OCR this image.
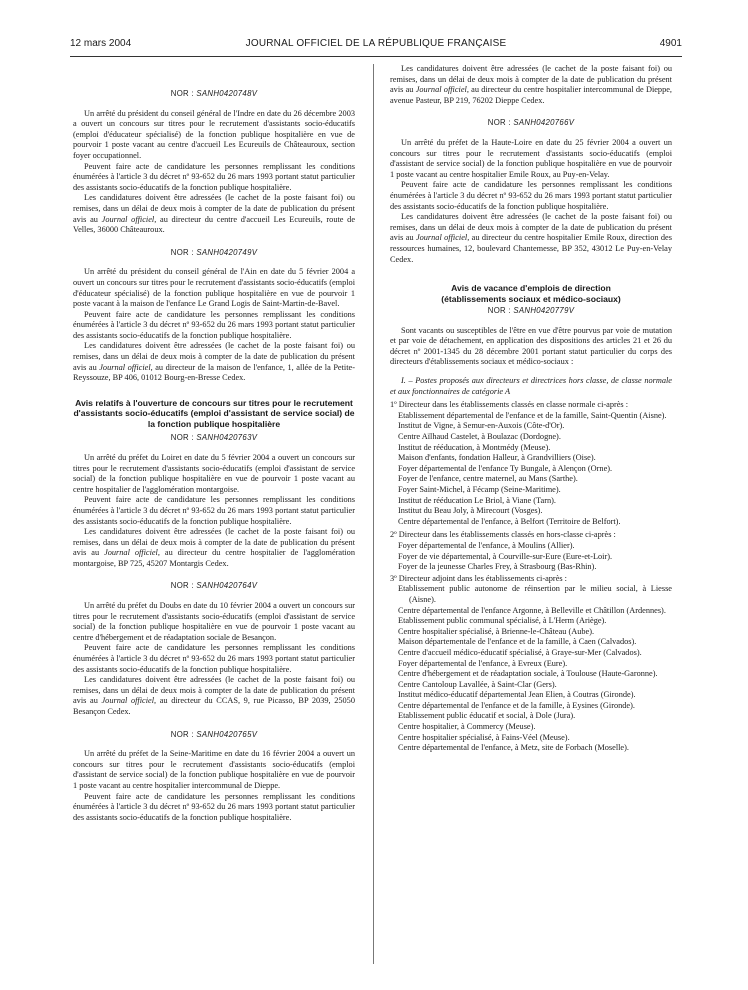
12 mars 2004	JOURNAL OFFICIEL DE LA RÉPUBLIQUE FRANÇAISE	4901
NOR : SANH0420748V

Un arrêté du président du conseil général de l'Indre en date du 26 décembre 2003 a ouvert un concours sur titres pour le recrutement d'assistants socio-éducatifs (emploi d'éducateur spécialisé) de la fonction publique hospitalière en vue de pourvoir 1 poste vacant au centre d'accueil Les Ecureuils de Châteauroux, section foyer occupationnel.

Peuvent faire acte de candidature les personnes remplissant les conditions énumérées à l'article 3 du décret nº 93-652 du 26 mars 1993 portant statut particulier des assistants socio-éducatifs de la fonction publique hospitalière.

Les candidatures doivent être adressées (le cachet de la poste faisant foi) ou remises, dans un délai de deux mois à compter de la date de publication du présent avis au Journal officiel, au directeur du centre d'accueil Les Ecureuils, route de Velles, 36000 Châteauroux.

NOR : SANH0420749V

Un arrêté du président du conseil général de l'Ain en date du 5 février 2004 a ouvert un concours sur titres pour le recrutement d'assistants socio-éducatifs (emploi d'éducateur spécialisé) de la fonction publique hospitalière en vue de pourvoir 1 poste vacant à la maison de l'enfance Le Grand Logis de Saint-Martin-de-Bavel.

Peuvent faire acte de candidature les personnes remplissant les conditions énumérées à l'article 3 du décret nº 93-652 du 26 mars 1993 portant statut particulier des assistants socio-éducatifs de la fonction publique hospitalière.

Les candidatures doivent être adressées (le cachet de la poste faisant foi) ou remises, dans un délai de deux mois à compter de la date de publication du présent avis au Journal officiel, au directeur de la maison de l'enfance, 1, allée de la Petite-Reyssouze, BP 406, 01012 Bourg-en-Bresse Cedex.

Avis relatifs à l'ouverture de concours sur titres pour le recrutement d'assistants socio-éducatifs (emploi d'assistant de service social) de la fonction publique hospitalière
NOR : SANH0420763V

Un arrêté du préfet du Loiret en date du 5 février 2004 a ouvert un concours sur titres pour le recrutement d'assistants socio-éducatifs (emploi d'assistant de service social) de la fonction publique hospitalière en vue de pourvoir 1 poste vacant au centre hospitalier de l'agglomération montargoise.

Peuvent faire acte de candidature les personnes remplissant les conditions énumérées à l'article 3 du décret nº 93-652 du 26 mars 1993 portant statut particulier des assistants socio-éducatifs de la fonction publique hospitalière.

Les candidatures doivent être adressées (le cachet de la poste faisant foi) ou remises, dans un délai de deux mois à compter de la date de publication du présent avis au Journal officiel, au directeur du centre hospitalier de l'agglomération montargoise, BP 725, 45207 Montargis Cedex.

NOR : SANH0420764V

Un arrêté du préfet du Doubs en date du 10 février 2004 a ouvert un concours sur titres pour le recrutement d'assistants socio-éducatifs (emploi d'assistant de service social) de la fonction publique hospitalière en vue de pourvoir 1 poste vacant au centre d'hébergement et de réadaptation sociale de Besançon.

Peuvent faire acte de candidature les personnes remplissant les conditions énumérées à l'article 3 du décret nº 93-652 du 26 mars 1993 portant statut particulier des assistants socio-éducatifs de la fonction publique hospitalière.

Les candidatures doivent être adressées (le cachet de la poste faisant foi) ou remises, dans un délai de deux mois à compter de la date de publication du présent avis au Journal officiel, au directeur du CCAS, 9, rue Picasso, BP 2039, 25050 Besançon Cedex.

NOR : SANH0420765V

Un arrêté du préfet de la Seine-Maritime en date du 16 février 2004 a ouvert un concours sur titres pour le recrutement d'assistants socio-éducatifs (emploi d'assistant de service social) de la fonction publique hospitalière en vue de pourvoir 1 poste vacant au centre hospitalier intercommunal de Dieppe.

Peuvent faire acte de candidature les personnes remplissant les conditions énumérées à l'article 3 du décret nº 93-652 du 26 mars 1993 portant statut particulier des assistants socio-éducatifs de la fonction publique hospitalière.

Les candidatures doivent être adressées (le cachet de la poste faisant foi) ou remises, dans un délai de deux mois à compter de la date de publication du présent avis au Journal officiel, au directeur du centre hospitalier intercommunal de Dieppe, avenue Pasteur, BP 219, 76202 Dieppe Cedex.

NOR : SANH0420766V

Un arrêté du préfet de la Haute-Loire en date du 25 février 2004 a ouvert un concours sur titres pour le recrutement d'assistants socio-éducatifs (emploi d'assistant de service social) de la fonction publique hospitalière en vue de pourvoir 1 poste vacant au centre hospitalier Emile Roux, au Puy-en-Velay.

Peuvent faire acte de candidature les personnes remplissant les conditions énumérées à l'article 3 du décret nº 93-652 du 26 mars 1993 portant statut particulier des assistants socio-éducatifs de la fonction publique hospitalière.

Les candidatures doivent être adressées (le cachet de la poste faisant foi) ou remises, dans un délai de deux mois à compter de la date de publication du présent avis au Journal officiel, au directeur du centre hospitalier Emile Roux, direction des ressources humaines, 12, boulevard Chantemesse, BP 352, 43012 Le Puy-en-Velay Cedex.

Avis de vacance d'emplois de direction
(établissements sociaux et médico-sociaux)
NOR : SANH0420779V

Sont vacants ou susceptibles de l'être en vue d'être pourvus par voie de mutation et par voie de détachement, en application des dispositions des articles 21 et 26 du décret nº 2001-1345 du 28 décembre 2001 portant statut particulier du corps des directeurs d'établissements sociaux et médico-sociaux :

I. – Postes proposés aux directeurs et directrices hors classe, de classe normale et aux fonctionnaires de catégorie A

1º Directeur dans les établissements classés en classe normale ci-après :

Etablissement départemental de l'enfance et de la famille, Saint-Quentin (Aisne).

Institut de Vigne, à Semur-en-Auxois (Côte-d'Or).

Centre Aïlhaud Castelet, à Boulazac (Dordogne).

Institut de rééducation, à Montmédy (Meuse).

Maison d'enfants, fondation Halleur, à Grandvilliers (Oise).

Foyer départemental de l'enfance Ty Bungale, à Alençon (Orne).

Foyer de l'enfance, centre maternel, au Mans (Sarthe).

Foyer Saint-Michel, à Fécamp (Seine-Maritime).

Institut de rééducation Le Briol, à Viane (Tarn).

Institut du Beau Joly, à Mirecourt (Vosges).

Centre départemental de l'enfance, à Belfort (Territoire de Belfort).

2º Directeur dans les établissements classés en hors-classe ci-après :

Foyer départemental de l'enfance, à Moulins (Allier).

Foyer de vie départemental, à Courville-sur-Eure (Eure-et-Loir).

Foyer de la jeunesse Charles Frey, à Strasbourg (Bas-Rhin).

3º Directeur adjoint dans les établissements ci-après :

Etablissement public autonome de réinsertion par le milieu social, à Liesse (Aisne).

Centre départemental de l'enfance Argonne, à Belleville et Châtillon (Ardennes).

Etablissement public communal spécialisé, à L'Herm (Ariège).

Centre hospitalier spécialisé, à Brienne-le-Château (Aube).

Maison départementale de l'enfance et de la famille, à Caen (Calvados).

Centre d'accueil médico-éducatif spécialisé, à Graye-sur-Mer (Calvados).

Foyer départemental de l'enfance, à Evreux (Eure).

Centre d'hébergement et de réadaptation sociale, à Toulouse (Haute-Garonne).

Centre Cantoloup Lavallée, à Saint-Clar (Gers).

Institut médico-éducatif départemental Jean Elien, à Coutras (Gironde).

Centre départemental de l'enfance et de la famille, à Eysines (Gironde).

Etablissement public éducatif et social, à Dole (Jura).

Centre hospitalier, à Commercy (Meuse).

Centre hospitalier spécialisé, à Fains-Véel (Meuse).

Centre départemental de l'enfance, à Metz, site de Forbach (Moselle).
